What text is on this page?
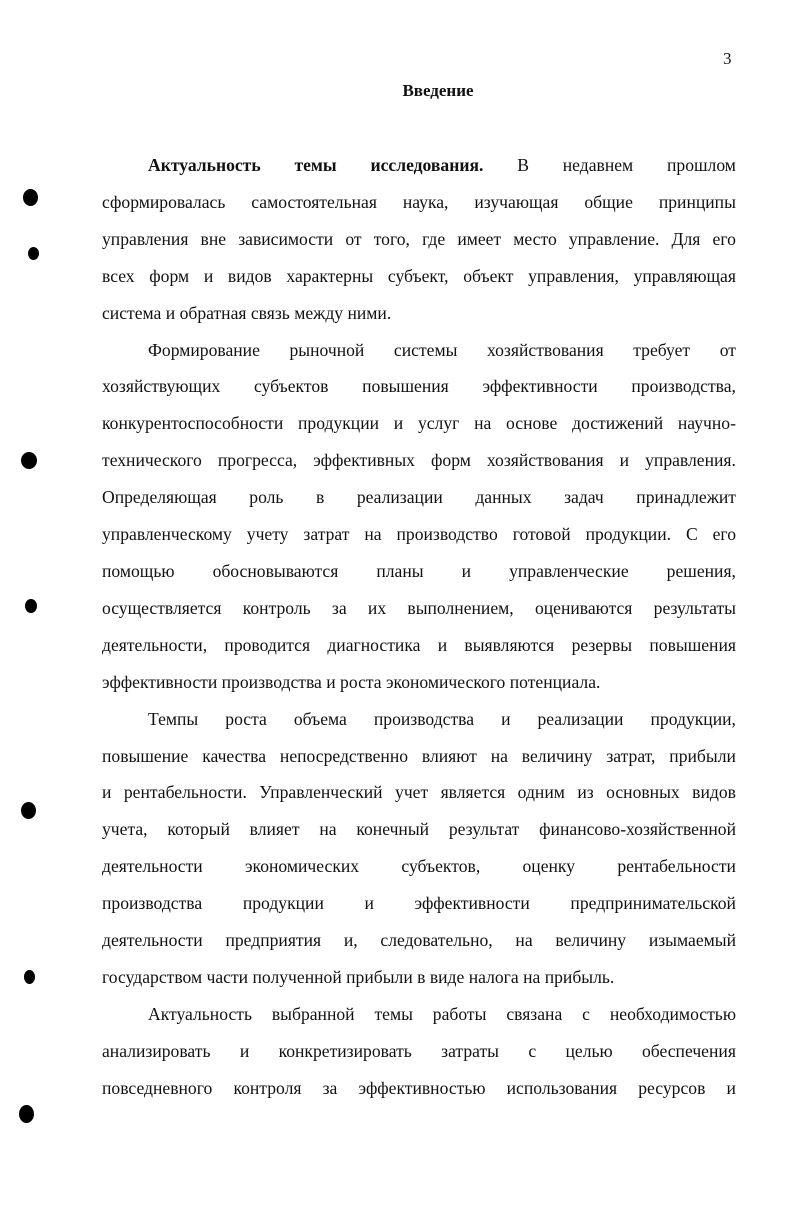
3
Введение
Актуальность темы исследования. В недавнем прошлом
сформировалась самостоятельная наука, изучающая общие принципы
управления вне зависимости от того, где имеет место управление. Для его
всех форм и видов характерны субъект, объект управления, управляющая
система и обратная связь между ними.
Формирование рыночной системы хозяйствования требует от
хозяйствующих субъектов повышения эффективности производства,
конкурентоспособности продукции и услуг на основе достижений научно-
технического прогресса, эффективных форм хозяйствования и управления.
Определяющая роль в реализации данных задач принадлежит
управленческому учету затрат на производство готовой продукции. С его
помощью обосновываются планы и управленческие решения,
осуществляется контроль за их выполнением, оцениваются результаты
деятельности, проводится диагностика и выявляются резервы повышения
эффективности производства и роста экономического потенциала.
Темпы роста объема производства и реализации продукции,
повышение качества непосредственно влияют на величину затрат, прибыли
и рентабельности. Управленческий учет является одним из основных видов
учета, который влияет на конечный результат финансово-хозяйственной
деятельности экономических субъектов, оценку рентабельности
производства продукции и эффективности предпринимательской
деятельности предприятия и, следовательно, на величину изымаемый
государством части полученной прибыли в виде налога на прибыль.
Актуальность выбранной темы работы связана с необходимостью
анализировать и конкретизировать затраты с целью обеспечения
повседневного контроля за эффективностью использования ресурсов и
